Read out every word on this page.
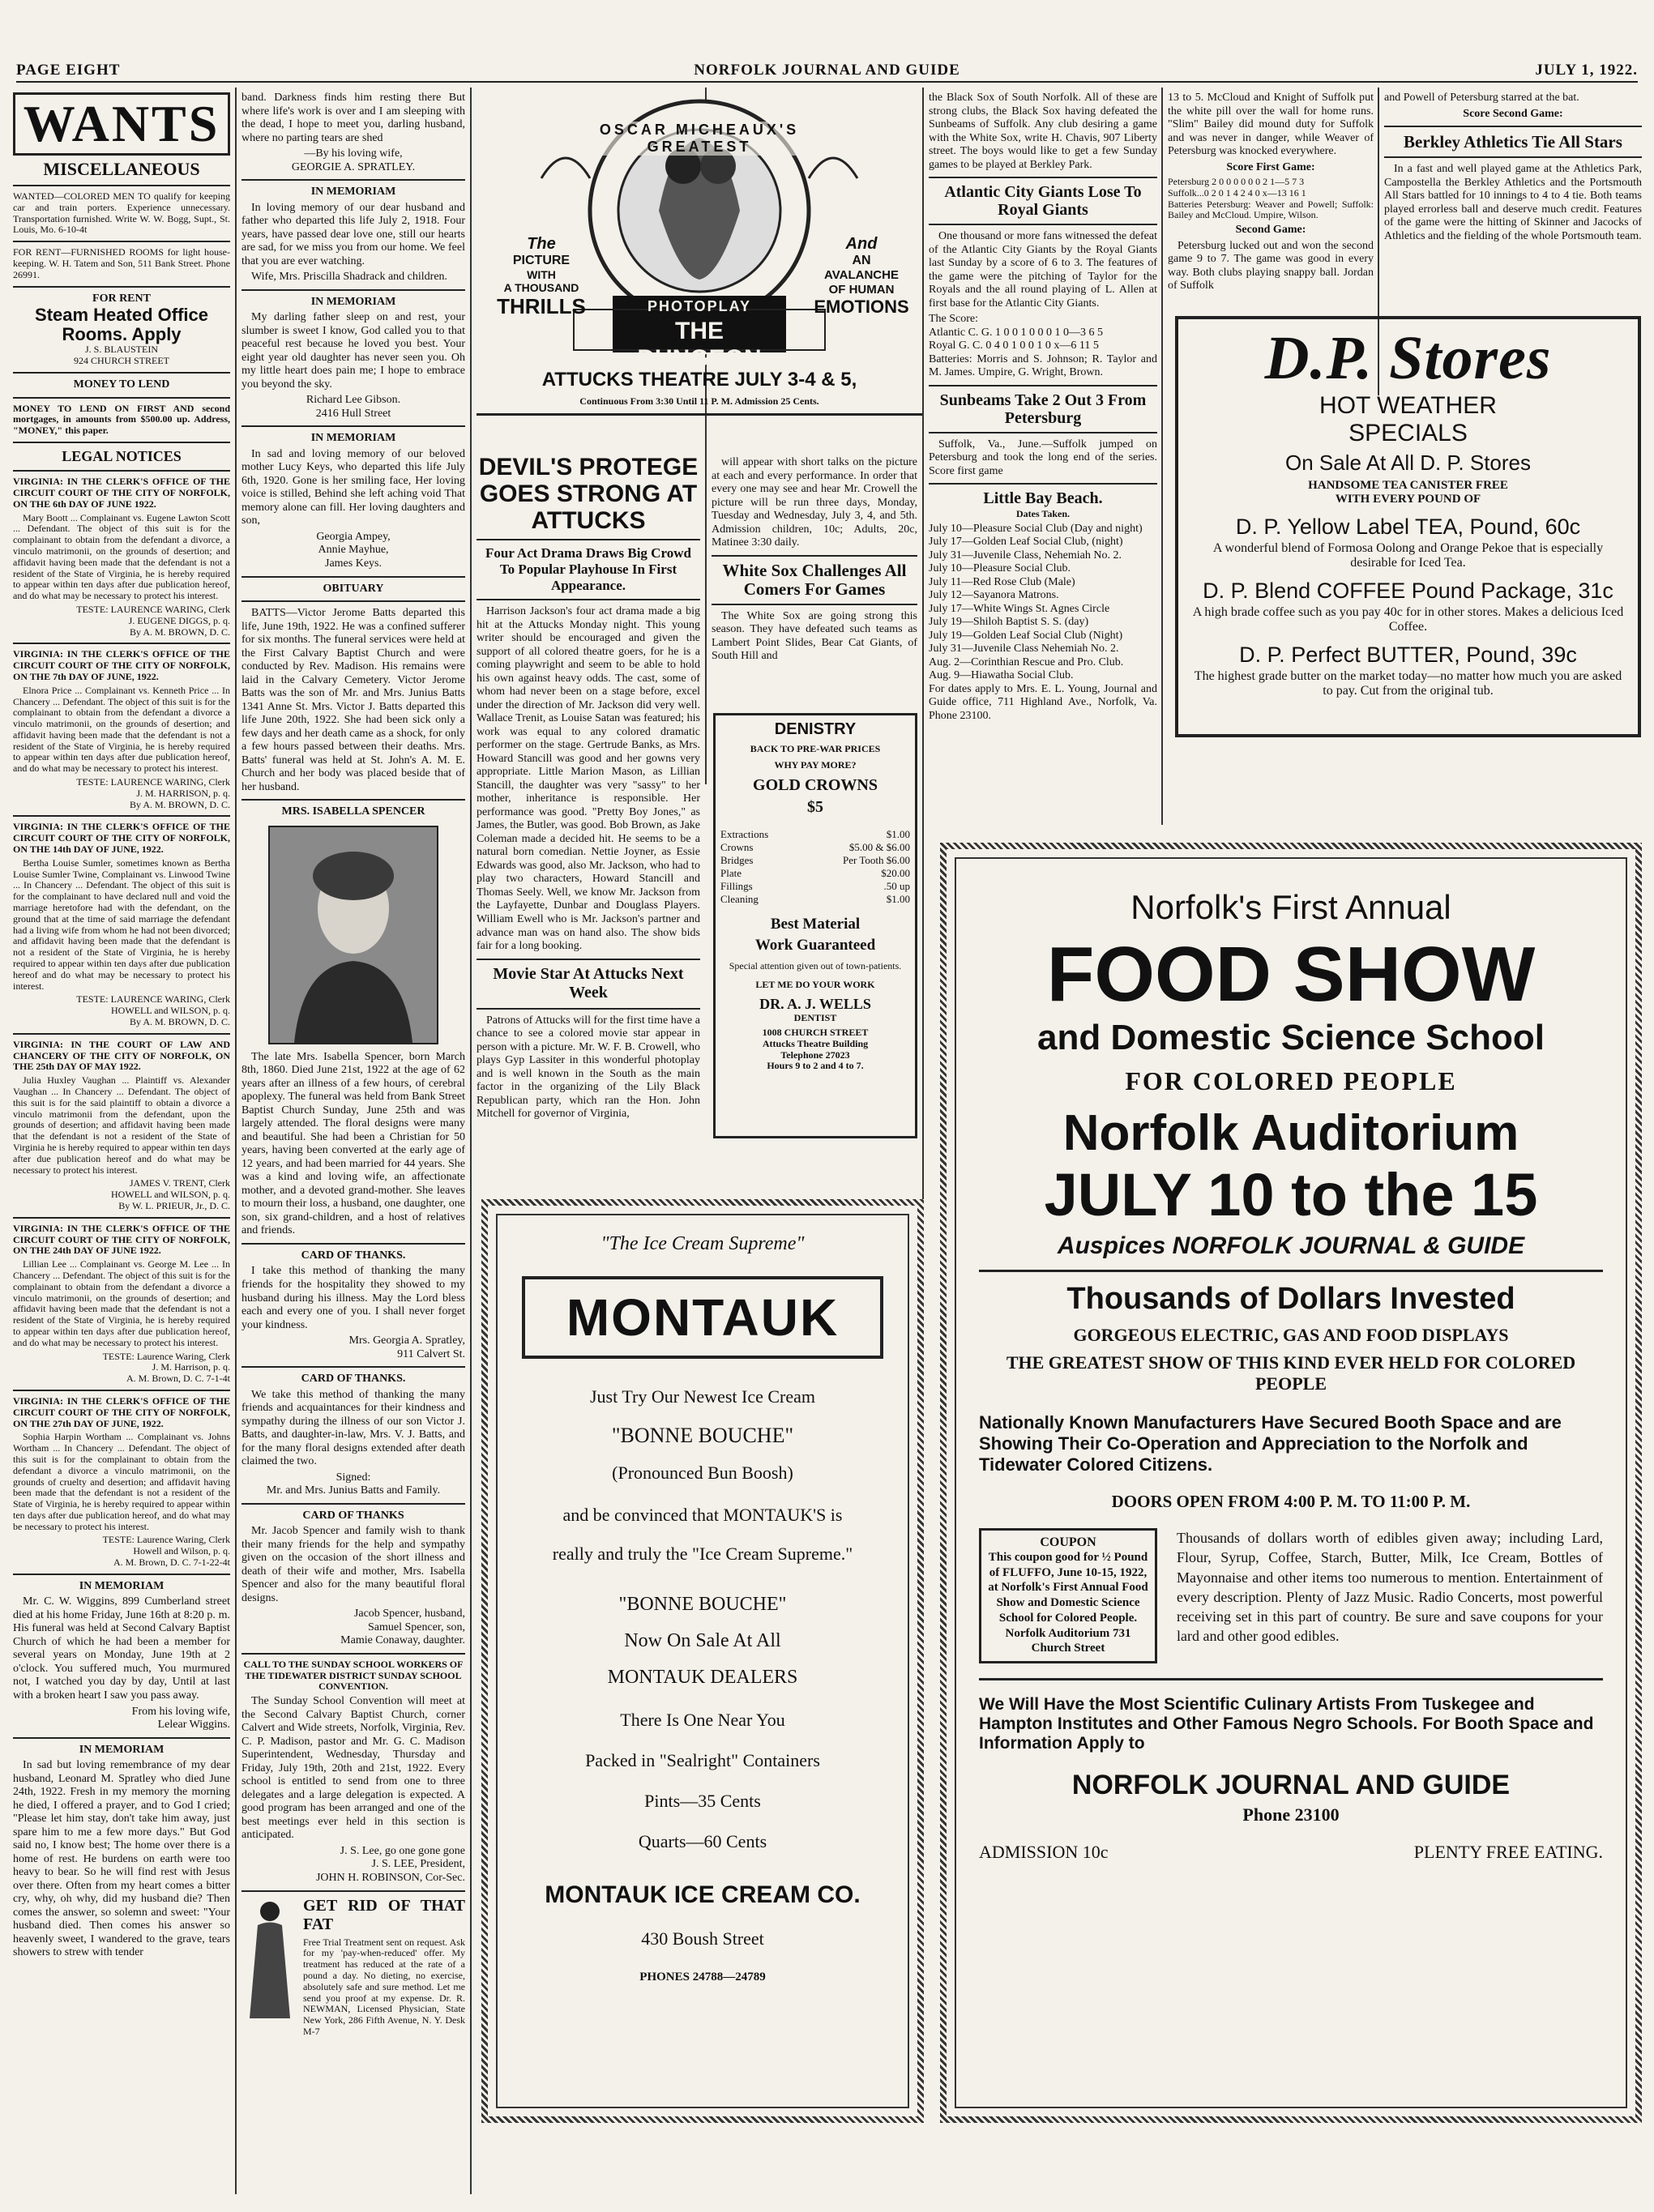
PAGE EIGHT	NORFOLK JOURNAL AND GUIDE	JULY 1, 1922.
WANTS
MISCELLANEOUS

WANTED—COLORED MEN TO qualify for keeping car and train porters. Experience unnecessary. Transportation furnished. Write W. W. Bogg, Supt., St. Louis, Mo. 6-10-4t

FOR RENT—FURNISHED ROOMS for light house-keeping. W. H. Tatem and Son, 511 Bank Street. Phone 26991.

FOR RENT
Steam Heated Office Rooms. Apply
J. S. BLAUSTEIN
924 CHURCH STREET
MONEY TO LEND

MONEY TO LEND ON FIRST AND second mortgages, in amounts from $500.00 up. Address, "MONEY," this paper.

LEGAL NOTICES

VIRGINIA: IN THE CLERK'S OFFICE OF THE CIRCUIT COURT OF THE CITY OF NORFOLK, ON THE 6th DAY OF JUNE 1922.

Mary Boott ... Complainant vs. Eugene Lawton Scott ... Defendant. The object of this suit is for the complainant to obtain from the defendant a divorce, a vinculo matrimonii, on the grounds of desertion; and affidavit having been made that the defendant is not a resident of the State of Virginia, he is hereby required to appear within ten days after due publication hereof, and do what may be necessary to protect his interest.

TESTE: LAURENCE WARING, Clerk
J. EUGENE DIGGS, p. q.
By A. M. BROWN, D. C.

VIRGINIA: IN THE CLERK'S OFFICE OF THE CIRCUIT COURT OF THE CITY OF NORFOLK, ON THE 7th DAY OF JUNE, 1922.

Elnora Price ... Complainant vs. Kenneth Price ... In Chancery ... Defendant. The object of this suit is for the complainant to obtain from the defendant a divorce a vinculo matrimonii, on the grounds of desertion; and affidavit having been made that the defendant is not a resident of the State of Virginia, he is hereby required to appear within ten days after due publication hereof, and do what may be necessary to protect his interest.

TESTE: LAURENCE WARING, Clerk
J. M. HARRISON, p. q.
By A. M. BROWN, D. C.

VIRGINIA: IN THE CLERK'S OFFICE OF THE CIRCUIT COURT OF THE CITY OF NORFOLK, ON THE 14th DAY OF JUNE, 1922.

Bertha Louise Sumler, sometimes known as Bertha Louise Sumler Twine, Complainant vs. Linwood Twine ... In Chancery ... Defendant. The object of this suit is for the complainant to have declared null and void the marriage heretofore had with the defendant, on the ground that at the time of said marriage the defendant had a living wife from whom he had not been divorced; and affidavit having been made that the defendant is not a resident of the State of Virginia, he is hereby required to appear within ten days after due publication hereof and do what may be necessary to protect his interest.

TESTE: LAURENCE WARING, Clerk
HOWELL and WILSON, p. q.
By A. M. BROWN, D. C.

VIRGINIA: IN THE COURT OF LAW AND CHANCERY OF THE CITY OF NORFOLK, ON THE 25th DAY OF MAY 1922.

Julia Huxley Vaughan ... Plaintiff vs. Alexander Vaughan ... In Chancery ... Defendant. The object of this suit is for the said plaintiff to obtain a divorce a vinculo matrimonii from the defendant, upon the grounds of desertion; and affidavit having been made that the defendant is not a resident of the State of Virginia he is hereby required to appear within ten days after due publication hereof and do what may be necessary to protect his interest.

JAMES V. TRENT, Clerk
HOWELL and WILSON, p. q.
By W. L. PRIEUR, Jr., D. C.

VIRGINIA: IN THE CLERK'S OFFICE OF THE CIRCUIT COURT OF THE CITY OF NORFOLK, ON THE 24th DAY OF JUNE 1922.

Lillian Lee ... Complainant vs. George M. Lee ... In Chancery ... Defendant. The object of this suit is for the complainant to obtain from the defendant a divorce a vinculo matrimonii, on the grounds of desertion; and affidavit having been made that the defendant is not a resident of the State of Virginia, he is hereby required to appear within ten days after due publication hereof, and do what may be necessary to protect his interest.

TESTE: Laurence Waring, Clerk
J. M. Harrison, p. q.
A. M. Brown, D. C. 7-1-4t

VIRGINIA: IN THE CLERK'S OFFICE OF THE CIRCUIT COURT OF THE CITY OF NORFOLK, ON THE 27th DAY OF JUNE, 1922.

Sophia Harpin Wortham ... Complainant vs. Johns Wortham ... In Chancery ... Defendant. The object of this suit is for the complainant to obtain from the defendant a divorce a vinculo matrimonii, on the grounds of cruelty and desertion; and affidavit having been made that the defendant is not a resident of the State of Virginia, he is hereby required to appear within ten days after due publication hereof, and do what may be necessary to protect his interest.

TESTE: Laurence Waring, Clerk
Howell and Wilson, p. q.
A. M. Brown, D. C. 7-1-22-4t

IN MEMORIAM

Mr. C. W. Wiggins, 899 Cumberland street died at his home Friday, June 16th at 8:20 p. m. His funeral was held at Second Calvary Baptist Church of which he had been a member for several years on Monday, June 19th at 2 o'clock. You suffered much, You murmured not, I watched you day by day, Until at last with a broken heart I saw you pass away.

From his loving wife,
Lelear Wiggins.

IN MEMORIAM

In sad but loving remembrance of my dear husband, Leonard M. Spratley who died June 24th, 1922. Fresh in my memory the morning he died, I offered a prayer, and to God I cried; "Please let him stay, don't take him away, just spare him to me a few more days." But God said no, I know best; The home over there is a home of rest. He burdens on earth were too heavy to bear. So he will find rest with Jesus over there. Often from my heart comes a bitter cry, why, oh why, did my husband die? Then comes the answer, so solemn and sweet: "Your husband died. Then comes his answer so heavenly sweet, I wandered to the grave, tears showers to strew with tender

band. Darkness finds him resting there But where life's work is over and I am sleeping with the dead, I hope to meet you, darling husband, where no parting tears are shed

—By his loving wife,
GEORGIE A. SPRATLEY.

IN MEMORIAM

In loving memory of our dear husband and father who departed this life July 2, 1918. Four years, have passed dear love one, still our hearts are sad, for we miss you from our home. We feel that you are ever watching.

Wife, Mrs. Priscilla Shadrack and children.

IN MEMORIAM

My darling father sleep on and rest, your slumber is sweet I know, God called you to that peaceful rest because he loved you best. Your eight year old daughter has never seen you. Oh my little heart does pain me; I hope to embrace you beyond the sky.

Richard Lee Gibson.
2416 Hull Street

IN MEMORIAM

In sad and loving memory of our beloved mother Lucy Keys, who departed this life July 6th, 1920. Gone is her smiling face, Her loving voice is stilled, Behind she left aching void That memory alone can fill. Her loving daughters and son,

Georgia Ampey,
Annie Mayhue,
James Keys.

OBITUARY

BATTS—Victor Jerome Batts departed this life, June 19th, 1922. He was a confined sufferer for six months. The funeral services were held at the First Calvary Baptist Church and were conducted by Rev. Madison. His remains were laid in the Calvary Cemetery. Victor Jerome Batts was the son of Mr. and Mrs. Junius Batts 1341 Anne St. Mrs. Victor J. Batts departed this life June 20th, 1922. She had been sick only a few days and her death came as a shock, for only a few hours passed between their deaths. Mrs. Batts' funeral was held at St. John's A. M. E. Church and her body was placed beside that of her husband.

MRS. ISABELLA SPENCER

The late Mrs. Isabella Spencer, born March 8th, 1860. Died June 21st, 1922 at the age of 62 years after an illness of a few hours, of cerebral apoplexy. The funeral was held from Bank Street Baptist Church Sunday, June 25th and was largely attended. The floral designs were many and beautiful. She had been a Christian for 50 years, having been converted at the early age of 12 years, and had been married for 44 years. She was a kind and loving wife, an affectionate mother, and a devoted grand-mother. She leaves to mourn their loss, a husband, one daughter, one son, six grand-children, and a host of relatives and friends.

CARD OF THANKS.

I take this method of thanking the many friends for the hospitality they showed to my husband during his illness. May the Lord bless each and every one of you. I shall never forget your kindness.

Mrs. Georgia A. Spratley,
911 Calvert St.

CARD OF THANKS.

We take this method of thanking the many friends and acquaintances for their kindness and sympathy during the illness of our son Victor J. Batts, and daughter-in-law, Mrs. V. J. Batts, and for the many floral designs extended after death claimed the two.

Signed:
Mr. and Mrs. Junius Batts and Family.

CARD OF THANKS

Mr. Jacob Spencer and family wish to thank their many friends for the help and sympathy given on the occasion of the short illness and death of their wife and mother, Mrs. Isabella Spencer and also for the many beautiful floral designs.

Jacob Spencer, husband,
Samuel Spencer, son,
Mamie Conaway, daughter.

CALL TO THE SUNDAY SCHOOL WORKERS OF THE TIDEWATER DISTRICT SUNDAY SCHOOL CONVENTION.

The Sunday School Convention will meet at the Second Calvary Baptist Church, corner Calvert and Wide streets, Norfolk, Virginia, Rev. C. P. Madison, pastor and Mr. G. C. Madison Superintendent, Wednesday, Thursday and Friday, July 19th, 20th and 21st, 1922. Every school is entitled to send from one to three delegates and a large delegation is expected. A good program has been arranged and one of the best meetings ever held in this section is anticipated.

J. S. Lee, go one gone gone
J. S. LEE, President,
JOHN H. ROBINSON, Cor-Sec.

GET RID OF THAT FAT

Free Trial Treatment sent on request. Ask for my 'pay-when-reduced' offer. My treatment has reduced at the rate of a pound a day. No dieting, no exercise, absolutely safe and sure method. Let me send you proof at my expense. Dr. R. NEWMAN, Licensed Physician, State New York, 286 Fifth Avenue, N. Y. Desk M-7

OSCAR MICHEAUX'S GREATEST
The
PICTURE
WITH
A THOUSAND
THRILLS
And
AN
AVALANCHE
OF HUMAN
EMOTIONS
PHOTOPLAY
THE DUNGEON
ATTUCKS THEATRE JULY 3-4 & 5,
Continuous From 3:30 Until 11 P. M. Admission 25 Cents.
DEVIL'S PROTEGE GOES STRONG AT ATTUCKS
Four Act Drama Draws Big Crowd To Popular Playhouse In First Appearance.

Harrison Jackson's four act drama made a big hit at the Attucks Monday night. This young writer should be encouraged and given the support of all colored theatre goers, for he is a coming playwright and seem to be able to hold his own against heavy odds. The cast, some of whom had never been on a stage before, excel under the direction of Mr. Jackson did very well. Wallace Trenit, as Louise Satan was featured; his work was equal to any colored dramatic performer on the stage. Gertrude Banks, as Mrs. Howard Stancill was good and her gowns very appropriate. Little Marion Mason, as Lillian Stancill, the daughter was very "sassy" to her mother, inheritance is responsible. Her performance was good. "Pretty Boy Jones," as James, the Butler, was good. Bob Brown, as Jake Coleman made a decided hit. He seems to be a natural born comedian. Nettie Joyner, as Essie Edwards was good, also Mr. Jackson, who had to play two characters, Howard Stancill and Thomas Seely. Well, we know Mr. Jackson from the Layfayette, Dunbar and Douglass Players. William Ewell who is Mr. Jackson's partner and advance man was on hand also. The show bids fair for a long booking.

Movie Star At Attucks Next Week

Patrons of Attucks will for the first time have a chance to see a colored movie star appear in person with a picture. Mr. W. F. B. Crowell, who plays Gyp Lassiter in this wonderful photoplay and is well known in the South as the main factor in the organizing of the Lily Black Republican party, which ran the Hon. John Mitchell for governor of Virginia,

will appear with short talks on the picture at each and every performance. In order that every one may see and hear Mr. Crowell the picture will be run three days, Monday, Tuesday and Wednesday, July 3, 4, and 5th. Admission children, 10c; Adults, 20c, Matinee 3:30 daily.

White Sox Challenges All Comers For Games

The White Sox are going strong this season. They have defeated such teams as Lambert Point Slides, Bear Cat Giants, of South Hill and

DENISTRY
BACK TO PRE-WAR PRICES
WHY PAY MORE?
GOLD CROWNS
$5
Extractions	$1.00
Crowns	$5.00 & $6.00
Bridges	Per Tooth $6.00
Plate	$20.00
Fillings	.50 up
Cleaning	$1.00
Best Material
Work Guaranteed
Special attention given out of town-patients.
LET ME DO YOUR WORK
DR. A. J. WELLS
DENTIST
1008 CHURCH STREET
Attucks Theatre Building
Telephone 27023
Hours 9 to 2 and 4 to 7.
"The Ice Cream Supreme"
MONTAUK
Just Try Our Newest Ice Cream
"BONNE BOUCHE"
(Pronounced Bun Boosh)
and be convinced that MONTAUK'S is
really and truly the "Ice Cream Supreme."
"BONNE BOUCHE"
Now On Sale At All
MONTAUK DEALERS
There Is One Near You
Packed in "Sealright" Containers
Pints—35 Cents
Quarts—60 Cents
MONTAUK ICE CREAM CO.
430 Boush Street
PHONES 24788—24789

the Black Sox of South Norfolk. All of these are strong clubs, the Black Sox having defeated the Sunbeams of Suffolk. Any club desiring a game with the White Sox, write H. Chavis, 907 Liberty street. The boys would like to get a few Sunday games to be played at Berkley Park.

Atlantic City Giants Lose To Royal Giants

One thousand or more fans witnessed the defeat of the Atlantic City Giants by the Royal Giants last Sunday by a score of 6 to 3. The features of the game were the pitching of Taylor for the Royals and the all round playing of L. Allen at first base for the Atlantic City Giants.

The Score:
Atlantic C. G. 1 0 0 1 0 0 0 1 0—3 6 5
Royal G. C. 0 4 0 1 0 0 1 0 x—6 11 5
Batteries: Morris and S. Johnson; R. Taylor and M. James. Umpire, G. Wright, Brown.

Sunbeams Take 2 Out 3 From Petersburg

Suffolk, Va., June.—Suffolk jumped on Petersburg and took the long end of the series. Score first game

Little Bay Beach.
Dates Taken.

July 10—Pleasure Social Club (Day and night)
July 17—Golden Leaf Social Club, (night)
July 31—Juvenile Class, Nehemiah No. 2.
July 10—Pleasure Social Club.
July 11—Red Rose Club (Male)
July 12—Sayanora Matrons.
July 17—White Wings St. Agnes Circle
July 19—Shiloh Baptist S. S. (day)
July 19—Golden Leaf Social Club (Night)
July 31—Juvenile Class Nehemiah No. 2.
Aug. 2—Corinthian Rescue and Pro. Club.
Aug. 9—Hiawatha Social Club.
For dates apply to Mrs. E. L. Young, Journal and Guide office, 711 Highland Ave., Norfolk, Va. Phone 23100.

13 to 5. McCloud and Knight of Suffolk put the white pill over the wall for home runs. "Slim" Bailey did mound duty for Suffolk and was never in danger, while Weaver of Petersburg was knocked everywhere.

Score First Game:

Petersburg 2 0 0 0 0 0 0 2 1—5 7 3
Suffolk...0 2 0 1 4 2 4 0 x—13 16 1
Batteries Petersburg: Weaver and Powell; Suffolk: Bailey and McCloud. Umpire, Wilson.

Second Game:

Petersburg lucked out and won the second game 9 to 7. The game was good in every way. Both clubs playing snappy ball. Jordan of Suffolk

and Powell of Petersburg starred at the bat.

Score Second Game:
Berkley Athletics Tie All Stars

In a fast and well played game at the Athletics Park, Campostella the Berkley Athletics and the Portsmouth All Stars battled for 10 innings to 4 to 4 tie. Both teams played errorless ball and deserve much credit. Features of the game were the hitting of Skinner and Jacocks of Athletics and the fielding of the whole Portsmouth team.

D.P. Stores
HOT WEATHER
SPECIALS
On Sale At All D. P. Stores
HANDSOME TEA CANISTER FREE
WITH EVERY POUND OF
D. P. Yellow Label TEA, Pound, 60c
A wonderful blend of Formosa Oolong and Orange Pekoe that is especially desirable for Iced Tea.
D. P. Blend COFFEE Pound Package, 31c
A high brade coffee such as you pay 40c for in other stores. Makes a delicious Iced Coffee.
D. P. Perfect BUTTER, Pound, 39c
The highest grade butter on the market today—no matter how much you are asked to pay. Cut from the original tub.
Norfolk's First Annual
FOOD SHOW
and Domestic Science School
FOR COLORED PEOPLE
Norfolk Auditorium
JULY 10 to the 15
Auspices NORFOLK JOURNAL & GUIDE
Thousands of Dollars Invested
GORGEOUS ELECTRIC, GAS AND FOOD DISPLAYS
THE GREATEST SHOW OF THIS KIND EVER HELD FOR COLORED PEOPLE
Nationally Known Manufacturers Have Secured Booth Space and are Showing Their Co-Operation and Appreciation to the Norfolk and Tidewater Colored Citizens.
DOORS OPEN FROM 4:00 P. M. TO 11:00 P. M.
COUPON
This coupon good for ½ Pound of FLUFFO, June 10-15, 1922, at Norfolk's First Annual Food Show and Domestic Science School for Colored People. Norfolk Auditorium 731 Church Street
Thousands of dollars worth of edibles given away; including Lard, Flour, Syrup, Coffee, Starch, Butter, Milk, Ice Cream, Bottles of Mayonnaise and other items too numerous to mention. Entertainment of every description. Plenty of Jazz Music. Radio Concerts, most powerful receiving set in this part of country. Be sure and save coupons for your lard and other good edibles.
We Will Have the Most Scientific Culinary Artists From Tuskegee and Hampton Institutes and Other Famous Negro Schools. For Booth Space and Information Apply to
NORFOLK JOURNAL AND GUIDE
Phone 23100
ADMISSION 10c	PLENTY FREE EATING.
